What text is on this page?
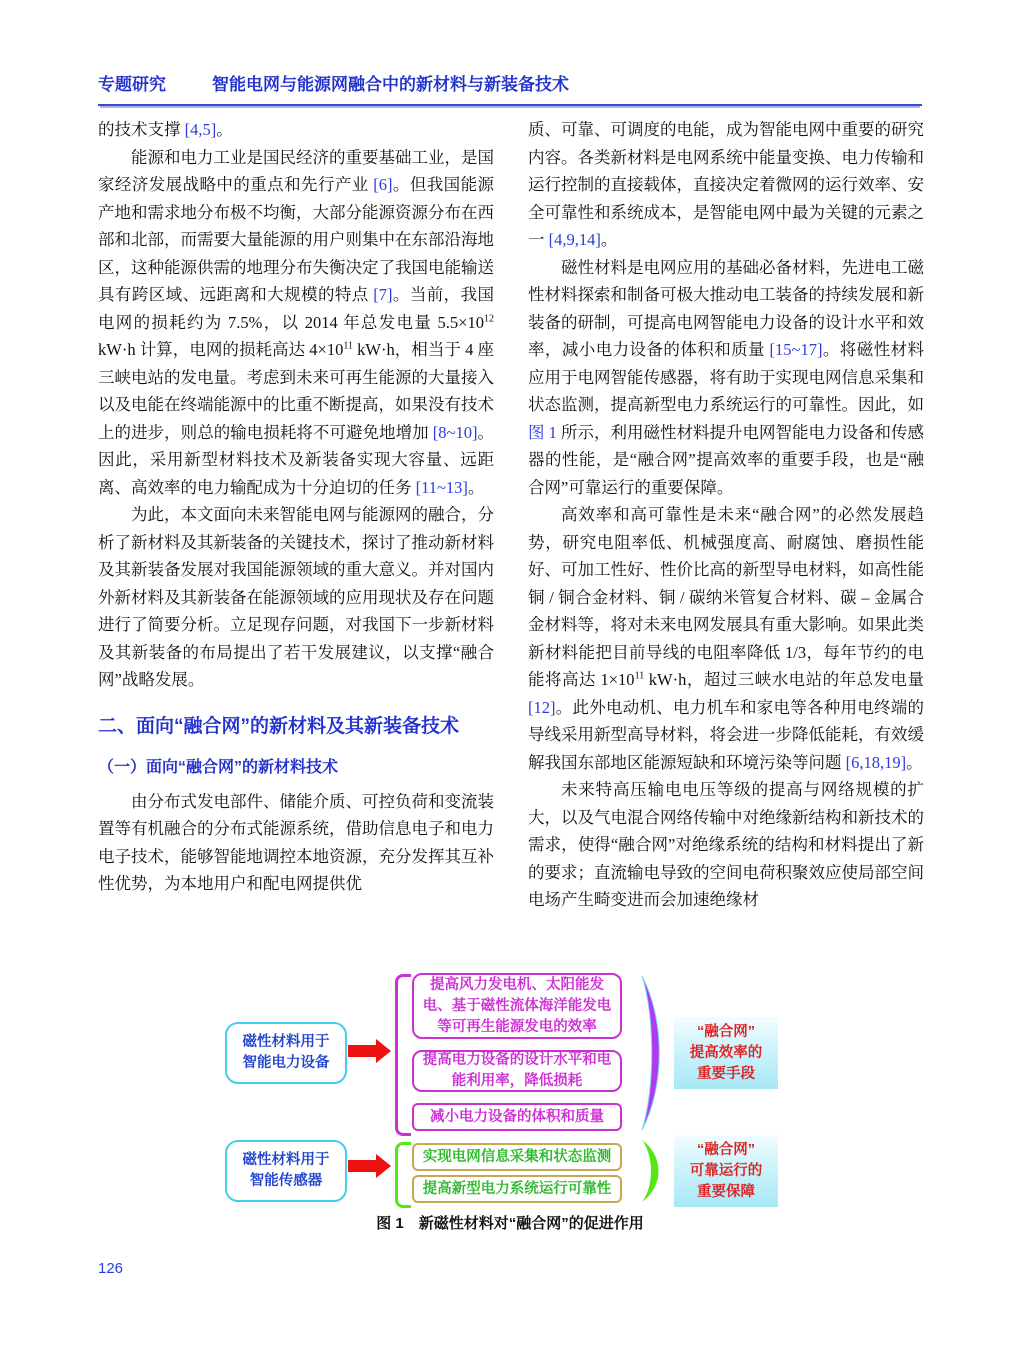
专题研究	智能电网与能源网融合中的新材料与新装备技术

的技术支撑 [4,5]。

能源和电力工业是国民经济的重要基础工业，是国家经济发展战略中的重点和先行产业 [6]。但我国能源产地和需求地分布极不均衡，大部分能源资源分布在西部和北部，而需要大量能源的用户则集中在东部沿海地区，这种能源供需的地理分布失衡决定了我国电能输送具有跨区域、远距离和大规模的特点 [7]。当前，我国电网的损耗约为 7.5%，以 2014 年总发电量 $5.5\times 10^{12}$ kW·h 计算，电网的损耗高达 $4\times 10^{11}$ kW·h，相当于 4 座三峡电站的发电量。考虑到未来可再生能源的大量接入以及电能在终端能源中的比重不断提高，如果没有技术上的进步，则总的输电损耗将不可避免地增加 [8~10]。因此，采用新型材料技术及新装备实现大容量、远距离、高效率的电力输配成为十分迫切的任务 [11~13]。

为此，本文面向未来智能电网与能源网的融合，分析了新材料及其新装备的关键技术，探讨了推动新材料及其新装备发展对我国能源领域的重大意义。并对国内外新材料及其新装备在能源领域的应用现状及存在问题进行了简要分析。立足现存问题，对我国下一步新材料及其新装备的布局提出了若干发展建议，以支撑“融合网”战略发展。

二、面向“融合网”的新材料及其新装备技术
（一）面向“融合网”的新材料技术

由分布式发电部件、储能介质、可控负荷和变流装置等有机融合的分布式能源系统，借助信息电子和电力电子技术，能够智能地调控本地资源，充分发挥其互补性优势，为本地用户和配电网提供优

质、可靠、可调度的电能，成为智能电网中重要的研究内容。各类新材料是电网系统中能量变换、电力传输和运行控制的直接载体，直接决定着微网的运行效率、安全可靠性和系统成本，是智能电网中最为关键的元素之一 [4,9,14]。

磁性材料是电网应用的基础必备材料，先进电工磁性材料探索和制备可极大推动电工装备的持续发展和新装备的研制，可提高电网智能电力设备的设计水平和效率，减小电力设备的体积和质量 [15~17]。将磁性材料应用于电网智能传感器，将有助于实现电网信息采集和状态监测，提高新型电力系统运行的可靠性。因此，如图 1 所示，利用磁性材料提升电网智能电力设备和传感器的性能，是“融合网”提高效率的重要手段，也是“融合网”可靠运行的重要保障。

高效率和高可靠性是未来“融合网”的必然发展趋势，研究电阻率低、机械强度高、耐腐蚀、磨损性能好、可加工性好、性价比高的新型导电材料，如高性能铜 / 铜合金材料、铜 / 碳纳米管复合材料、碳 – 金属合金材料等，将对未来电网发展具有重大影响。如果此类新材料能把目前导线的电阻率降低 1/3，每年节约的电能将高达 $1\times 10^{11}$ kW·h，超过三峡水电站的年总发电量 [12]。此外电动机、电力机车和家电等各种用电终端的导线采用新型高导材料，将会进一步降低能耗，有效缓解我国东部地区能源短缺和环境污染等问题 [6,18,19]。

未来特高压输电电压等级的提高与网络规模的扩大，以及气电混合网络传输中对绝缘新结构和新技术的需求，使得“融合网”对绝缘系统的结构和材料提出了新的要求；直流输电导致的空间电荷积聚效应使局部空间电场产生畸变进而会加速绝缘材

磁性材料用于
智能电力设备
磁性材料用于
智能传感器
提高风力发电机、太阳能发电、基于磁性流体海洋能发电等可再生能源发电的效率
提高电力设备的设计水平和电能利用率，降低损耗
减小电力设备的体积和质量
实现电网信息采集和状态监测
提高新型电力系统运行可靠性
“融合网”
提高效率的
重要手段
“融合网”
可靠运行的
重要保障
图 1　新磁性材料对“融合网”的促进作用
126
